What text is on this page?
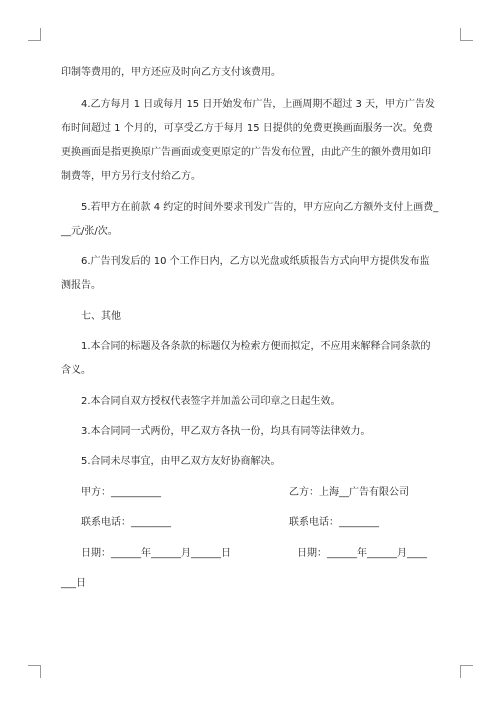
印制等费用的，甲方还应及时向乙方支付该费用。
4.乙方每月 1 日或每月 15 日开始发布广告，上画周期不超过 3 天，甲方广告发
布时间超过 1 个月的，可享受乙方于每月 15 日提供的免费更换画面服务一次。免费
更换画面是指更换原广告画面或变更原定的广告发布位置，由此产生的额外费用如印
制费等，甲方另行支付给乙方。
5.若甲方在前款 4 约定的时间外要求刊发广告的，甲方应向乙方额外支付上画费_
__元/张/次。
6.广告刊发后的 10 个工作日内，乙方以光盘或纸质报告方式向甲方提供发布监
测报告。
七、其他
1.本合同的标题及各条款的标题仅为检索方便而拟定，不应用来解释合同条款的
含义。
2.本合同自双方授权代表签字并加盖公司印章之日起生效。
3.本合同同一式两份，甲乙双方各执一份，均具有同等法律效力。
5.合同未尽事宜，由甲乙双方友好协商解决。
甲方：__________	乙方：上海__广告有限公司
联系电话：________	联系电话：________
日期：______年______月______日	日期：______年______月____
___日
